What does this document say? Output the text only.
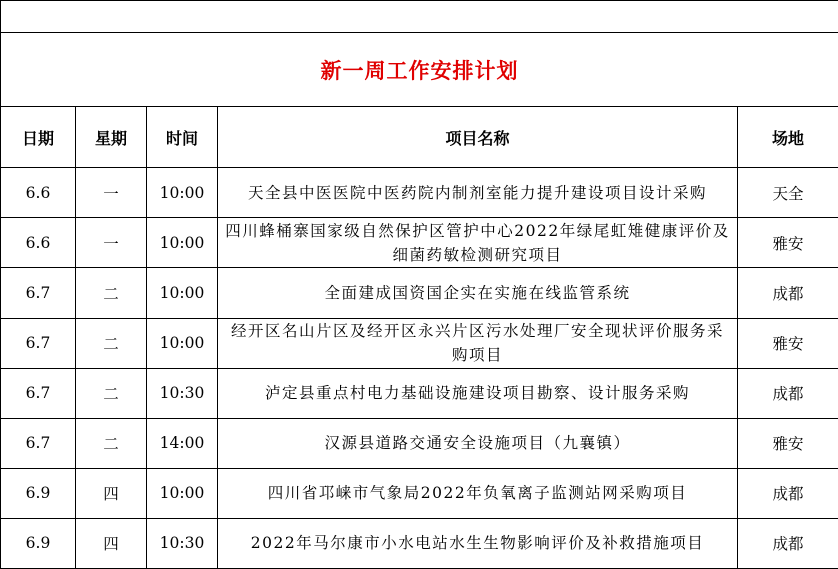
新一周工作安排计划				
日期	星期	时间	项目名称	场地
6.6	一	10:00	天全县中医医院中医药院内制剂室能力提升建设项目设计采购	天全
6.6	一	10:00	四川蜂桶寨国家级自然保护区管护中心2022年绿尾虹雉健康评价及细菌药敏检测研究项目	雅安
6.7	二	10:00	全面建成国资国企实在实施在线监管系统	成都
6.7	二	10:00	经开区名山片区及经开区永兴片区污水处理厂安全现状评价服务采购项目	雅安
6.7	二	10:30	泸定县重点村电力基础设施建设项目勘察、设计服务采购	成都
6.7	二	14:00	汉源县道路交通安全设施项目（九襄镇）	雅安
6.9	四	10:00	四川省邛崃市气象局2022年负氧离子监测站网采购项目	成都
6.9	四	10:30	2022年马尔康市小水电站水生生物影响评价及补救措施项目	成都
